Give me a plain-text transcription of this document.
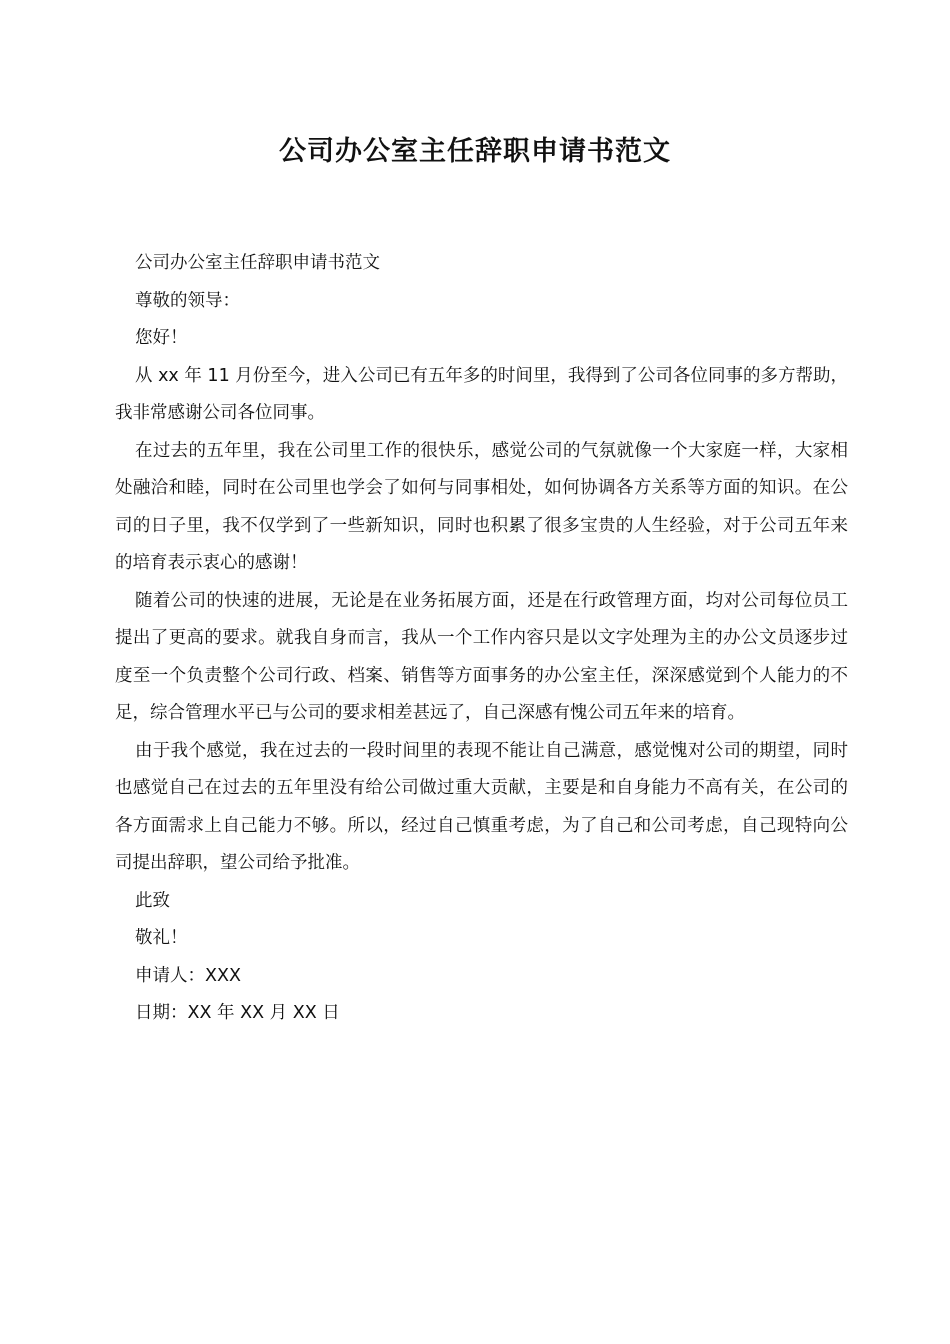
公司办公室主任辞职申请书范文

公司办公室主任辞职申请书范文

尊敬的领导：

您好！

从 xx 年 11 月份至今，进入公司已有五年多的时间里，我得到了公司各位同事的多方帮助，我非常感谢公司各位同事。

在过去的五年里，我在公司里工作的很快乐，感觉公司的气氛就像一个大家庭一样，大家相处融洽和睦，同时在公司里也学会了如何与同事相处，如何协调各方关系等方面的知识。在公司的日子里，我不仅学到了一些新知识，同时也积累了很多宝贵的人生经验，对于公司五年来的培育表示衷心的感谢！

随着公司的快速的进展，无论是在业务拓展方面，还是在行政管理方面，均对公司每位员工提出了更高的要求。就我自身而言，我从一个工作内容只是以文字处理为主的办公文员逐步过度至一个负责整个公司行政、档案、销售等方面事务的办公室主任，深深感觉到个人能力的不足，综合管理水平已与公司的要求相差甚远了，自己深感有愧公司五年来的培育。

由于我个感觉，我在过去的一段时间里的表现不能让自己满意，感觉愧对公司的期望，同时也感觉自己在过去的五年里没有给公司做过重大贡献，主要是和自身能力不高有关，在公司的各方面需求上自己能力不够。所以，经过自己慎重考虑，为了自己和公司考虑，自己现特向公司提出辞职，望公司给予批准。

此致

敬礼！

申请人：XXX

日期：XX 年 XX 月 XX 日
